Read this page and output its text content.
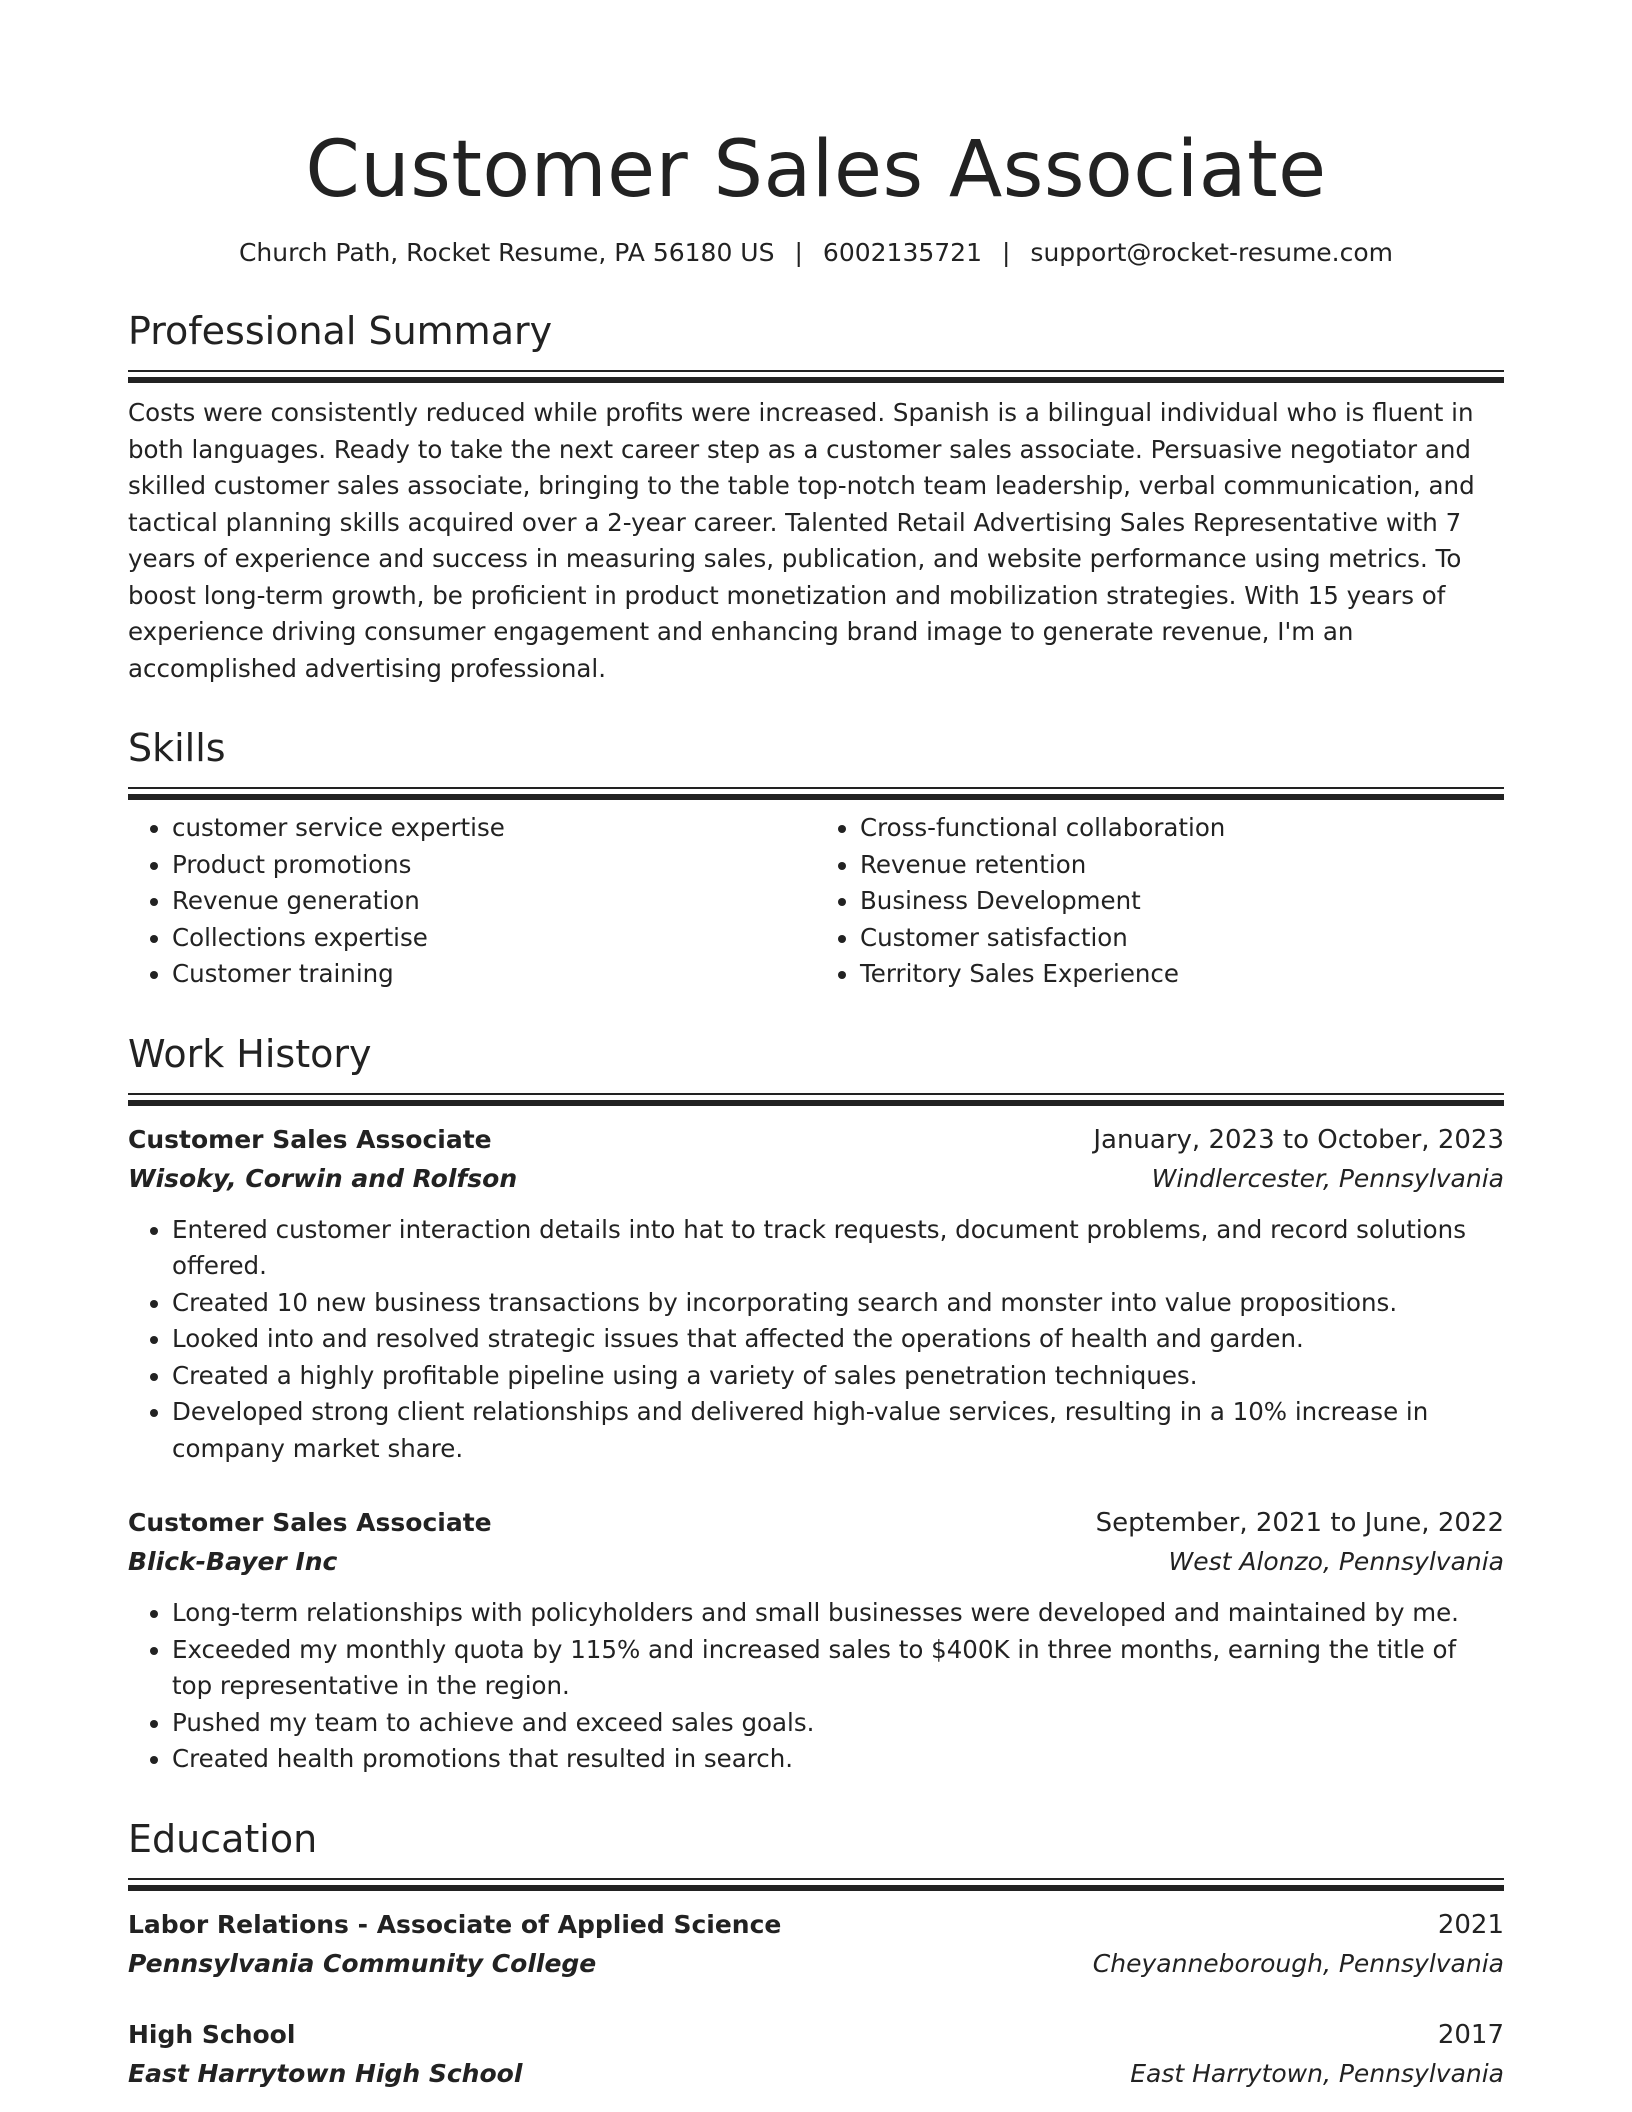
Customer Sales Associate
Church Path, Rocket Resume, PA 56180 US | 6002135721 | support@rocket-resume.com
Professional Summary
Costs were consistently reduced while profits were increased. Spanish is a bilingual individual who is fluent in both languages. Ready to take the next career step as a customer sales associate. Persuasive negotiator and skilled customer sales associate, bringing to the table top-notch team leadership, verbal communication, and tactical planning skills acquired over a 2-year career. Talented Retail Advertising Sales Representative with 7 years of experience and success in measuring sales, publication, and website performance using metrics. To boost long-term growth, be proficient in product monetization and mobilization strategies. With 15 years of experience driving consumer engagement and enhancing brand image to generate revenue, I'm an accomplished advertising professional.
Skills
• customer service expertise
• Product promotions
• Revenue generation
• Collections expertise
• Customer training
• Cross-functional collaboration
• Revenue retention
• Business Development
• Customer satisfaction
• Territory Sales Experience
Work History
Customer Sales Associate	January, 2023 to October, 2023
Wisoky, Corwin and Rolfson	Windlercester, Pennsylvania
• Entered customer interaction details into hat to track requests, document problems, and record solutions offered.
• Created 10 new business transactions by incorporating search and monster into value propositions.
• Looked into and resolved strategic issues that affected the operations of health and garden.
• Created a highly profitable pipeline using a variety of sales penetration techniques.
• Developed strong client relationships and delivered high-value services, resulting in a 10% increase in company market share.
Customer Sales Associate	September, 2021 to June, 2022
Blick-Bayer Inc	West Alonzo, Pennsylvania
• Long-term relationships with policyholders and small businesses were developed and maintained by me.
• Exceeded my monthly quota by 115% and increased sales to $400K in three months, earning the title of top representative in the region.
• Pushed my team to achieve and exceed sales goals.
• Created health promotions that resulted in search.
Education
Labor Relations - Associate of Applied Science	2021
Pennsylvania Community College	Cheyanneborough, Pennsylvania
High School	2017
East Harrytown High School	East Harrytown, Pennsylvania
